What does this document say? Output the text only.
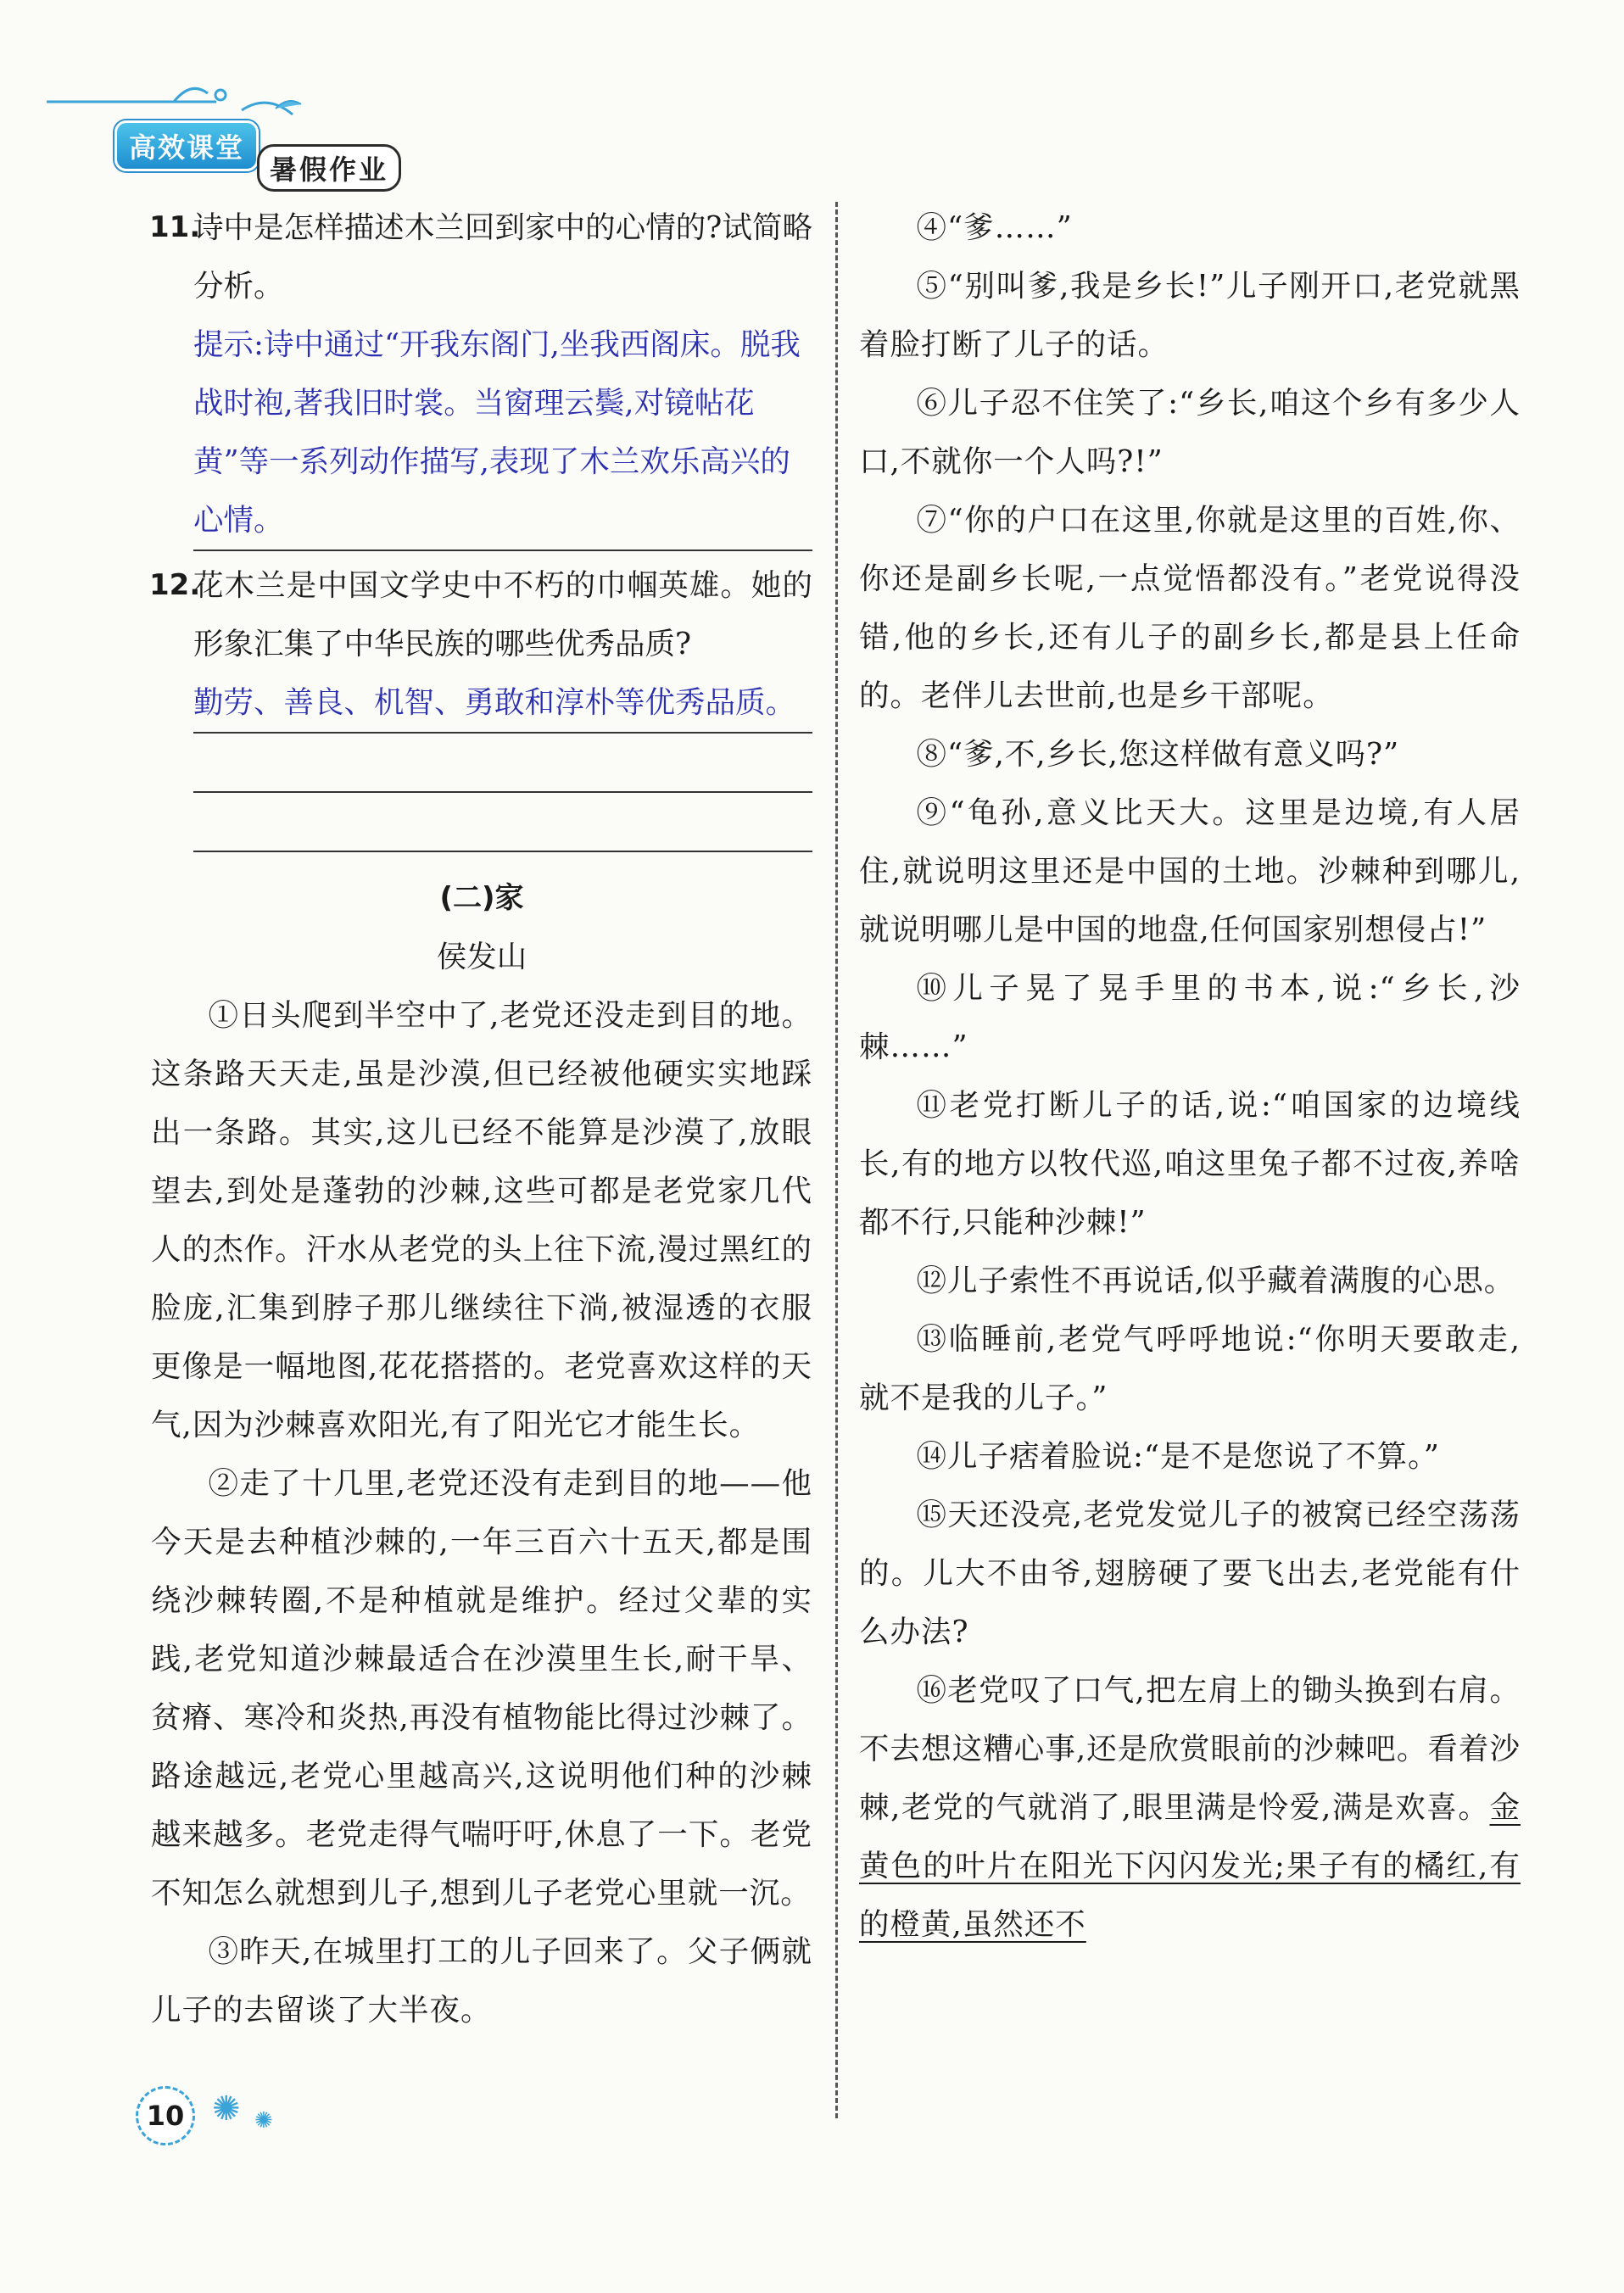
高效课堂
暑假作业
11.

诗中是怎样描述木兰回到家中的心情的?试简略分析。

提示:诗中通过“开我东阁门,坐我西阁床。脱我战时袍,著我旧时裳。当窗理云鬓,对镜帖花黄”等一系列动作描写,表现了木兰欢乐高兴的心情。

12.

花木兰是中国文学史中不朽的巾帼英雄。她的形象汇集了中华民族的哪些优秀品质?

勤劳、善良、机智、勇敢和淳朴等优秀品质。

(二)家

侯发山

①日头爬到半空中了,老党还没走到目的地。这条路天天走,虽是沙漠,但已经被他硬实实地踩出一条路。其实,这儿已经不能算是沙漠了,放眼望去,到处是蓬勃的沙棘,这些可都是老党家几代人的杰作。汗水从老党的头上往下流,漫过黑红的脸庞,汇集到脖子那儿继续往下淌,被湿透的衣服更像是一幅地图,花花搭搭的。老党喜欢这样的天气,因为沙棘喜欢阳光,有了阳光它才能生长。

②走了十几里,老党还没有走到目的地——他今天是去种植沙棘的,一年三百六十五天,都是围绕沙棘转圈,不是种植就是维护。经过父辈的实践,老党知道沙棘最适合在沙漠里生长,耐干旱、贫瘠、寒冷和炎热,再没有植物能比得过沙棘了。路途越远,老党心里越高兴,这说明他们种的沙棘越来越多。老党走得气喘吁吁,休息了一下。老党不知怎么就想到儿子,想到儿子老党心里就一沉。

③昨天,在城里打工的儿子回来了。父子俩就儿子的去留谈了大半夜。

④“爹……”

⑤“别叫爹,我是乡长!”儿子刚开口,老党就黑着脸打断了儿子的话。

⑥儿子忍不住笑了:“乡长,咱这个乡有多少人口,不就你一个人吗?!”

⑦“你的户口在这里,你就是这里的百姓,你、你还是副乡长呢,一点觉悟都没有。”老党说得没错,他的乡长,还有儿子的副乡长,都是县上任命的。老伴儿去世前,也是乡干部呢。

⑧“爹,不,乡长,您这样做有意义吗?”

⑨“龟孙,意义比天大。这里是边境,有人居住,就说明这里还是中国的土地。沙棘种到哪儿,就说明哪儿是中国的地盘,任何国家别想侵占!”

⑩儿子晃了晃手里的书本,说:“乡长,沙棘……”

⑪老党打断儿子的话,说:“咱国家的边境线长,有的地方以牧代巡,咱这里兔子都不过夜,养啥都不行,只能种沙棘!”

⑫儿子索性不再说话,似乎藏着满腹的心思。

⑬临睡前,老党气呼呼地说:“你明天要敢走,就不是我的儿子。”

⑭儿子痞着脸说:“是不是您说了不算。”

⑮天还没亮,老党发觉儿子的被窝已经空荡荡的。儿大不由爷,翅膀硬了要飞出去,老党能有什么办法?

⑯老党叹了口气,把左肩上的锄头换到右肩。不去想这糟心事,还是欣赏眼前的沙棘吧。看着沙棘,老党的气就消了,眼里满是怜爱,满是欢喜。金黄色的叶片在阳光下闪闪发光;果子有的橘红,有的橙黄,虽然还不

10 ✺ ✺
